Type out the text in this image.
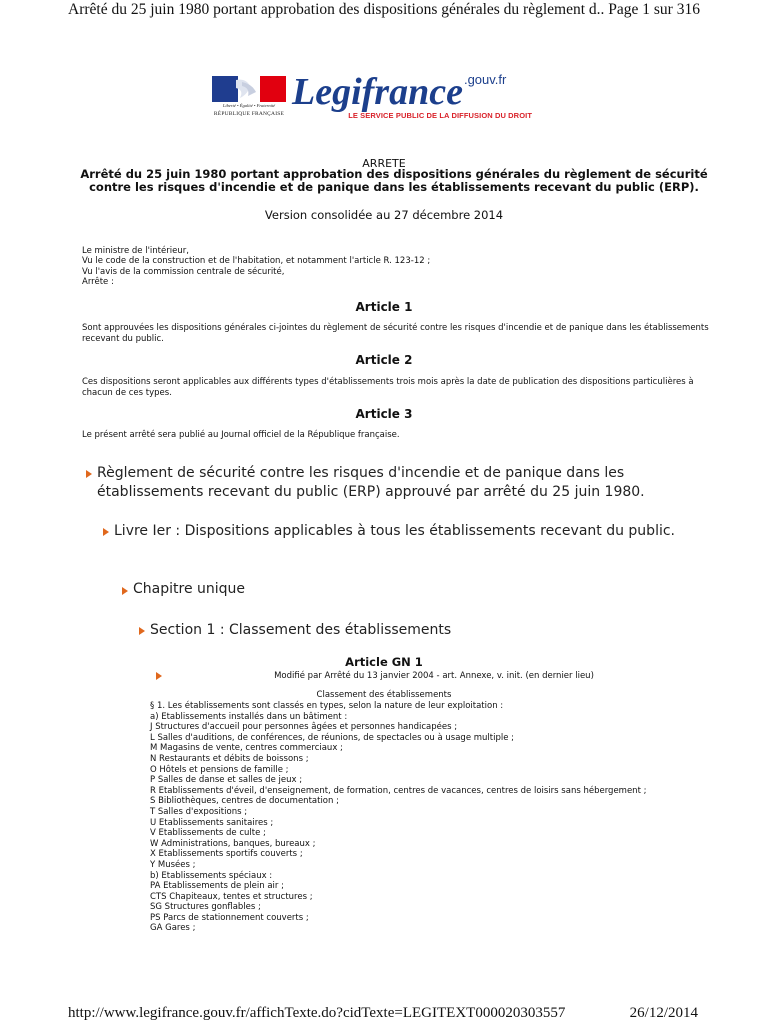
Arrêté du 25 juin 1980 portant approbation des dispositions générales du règlement d.. Page 1 sur 316
Liberté • Égalité • Fraternité
RÉPUBLIQUE FRANÇAISE
Legifrance$^{.gouv.fr}$
LE SERVICE PUBLIC DE LA DIFFUSION DU DROIT
ARRETE
Arrêté du 25 juin 1980 portant approbation des dispositions générales du règlement de sécurité contre les risques d'incendie et de panique dans les établissements recevant du public (ERP).
Version consolidée au 27 décembre 2014
Le ministre de l'intérieur,
Vu le code de la construction et de l'habitation, et notamment l'article R. 123-12 ;
Vu l'avis de la commission centrale de sécurité,
Arrête :
Article 1
Sont approuvées les dispositions générales ci-jointes du règlement de sécurité contre les risques d'incendie et de panique dans les établissements recevant du public.
Article 2
Ces dispositions seront applicables aux différents types d'établissements trois mois après la date de publication des dispositions particulières à chacun de ces types.
Article 3
Le présent arrêté sera publié au Journal officiel de la République française.
Règlement de sécurité contre les risques d'incendie et de panique dans les établissements recevant du public (ERP) approuvé par arrêté du 25 juin 1980.
Livre Ier : Dispositions applicables à tous les établissements recevant du public.
Chapitre unique
Section 1 : Classement des établissements
Article GN 1
Modifié par Arrêté du 13 janvier 2004 - art. Annexe, v. init. (en dernier lieu)
Classement des établissements
§ 1. Les établissements sont classés en types, selon la nature de leur exploitation :
a) Etablissements installés dans un bâtiment :
J Structures d'accueil pour personnes âgées et personnes handicapées ;
L Salles d'auditions, de conférences, de réunions, de spectacles ou à usage multiple ;
M Magasins de vente, centres commerciaux ;
N Restaurants et débits de boissons ;
O Hôtels et pensions de famille ;
P Salles de danse et salles de jeux ;
R Etablissements d'éveil, d'enseignement, de formation, centres de vacances, centres de loisirs sans hébergement ;
S Bibliothèques, centres de documentation ;
T Salles d'expositions ;
U Etablissements sanitaires ;
V Etablissements de culte ;
W Administrations, banques, bureaux ;
X Etablissements sportifs couverts ;
Y Musées ;
b) Etablissements spéciaux :
PA Etablissements de plein air ;
CTS Chapiteaux, tentes et structures ;
SG Structures gonflables ;
PS Parcs de stationnement couverts ;
GA Gares ;
http://www.legifrance.gouv.fr/affichTexte.do?cidTexte=LEGITEXT000020303557	26/12/2014
